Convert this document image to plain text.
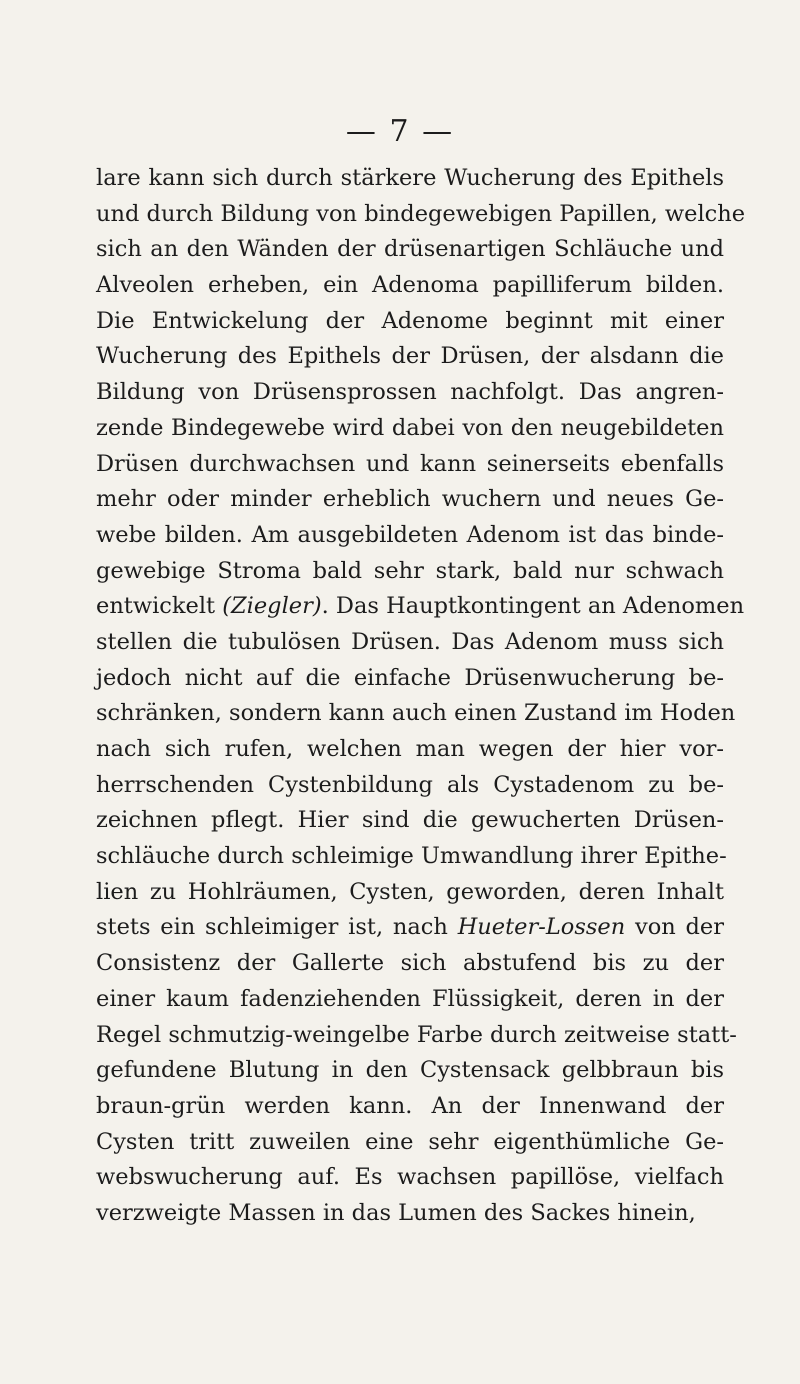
— 7 —
lare kann sich durch stärkere Wucherung des Epithels
und durch Bildung von bindegewebigen Papillen, welche
sich an den Wänden der drüsenartigen Schläuche und
Alveolen erheben, ein Adenoma papilliferum bilden.
Die Entwickelung der Adenome beginnt mit einer
Wucherung des Epithels der Drüsen, der alsdann die
Bildung von Drüsensprossen nachfolgt. Das angren-
zende Bindegewebe wird dabei von den neugebildeten
Drüsen durchwachsen und kann seinerseits ebenfalls
mehr oder minder erheblich wuchern und neues Ge-
webe bilden. Am ausgebildeten Adenom ist das binde-
gewebige Stroma bald sehr stark, bald nur schwach
entwickelt (Ziegler). Das Hauptkontingent an Adenomen
stellen die tubulösen Drüsen. Das Adenom muss sich
jedoch nicht auf die einfache Drüsenwucherung be-
schränken, sondern kann auch einen Zustand im Hoden
nach sich rufen, welchen man wegen der hier vor-
herrschenden Cystenbildung als Cystadenom zu be-
zeichnen pflegt. Hier sind die gewucherten Drüsen-
schläuche durch schleimige Umwandlung ihrer Epithe-
lien zu Hohlräumen, Cysten, geworden, deren Inhalt
stets ein schleimiger ist, nach Hueter-Lossen von der
Consistenz der Gallerte sich abstufend bis zu der
einer kaum fadenziehenden Flüssigkeit, deren in der
Regel schmutzig-weingelbe Farbe durch zeitweise statt-
gefundene Blutung in den Cystensack gelbbraun bis
braun-grün werden kann. An der Innenwand der
Cysten tritt zuweilen eine sehr eigenthümliche Ge-
webswucherung auf. Es wachsen papillöse, vielfach
verzweigte Massen in das Lumen des Sackes hinein,
